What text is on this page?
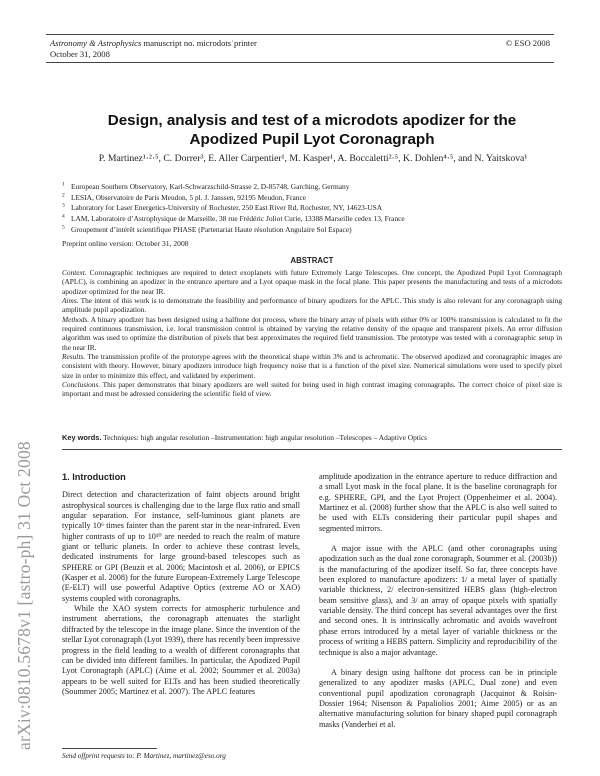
arXiv:0810.5678v1 [astro-ph] 31 Oct 2008
Astronomy & Astrophysics manuscript no. microdots˙printer
October 31, 2008
© ESO 2008
Design, analysis and test of a microdots apodizer for the
Apodized Pupil Lyot Coronagraph
P. Martinez¹·²·⁵, C. Dorrer³, E. Aller Carpentier¹, M. Kasper¹, A. Boccaletti²·⁵, K. Dohlen⁴·⁵, and N. Yaitskova¹
$^1$ European Southern Observatory, Karl-Schwarzschild-Strasse 2, D-85748, Garching, Germany
$^2$ LESIA, Observatoire de Paris Meudon, 5 pl. J. Janssen, 92195 Meudon, France
$^3$ Laboratory for Laser Energetics-University of Rochester, 250 East River Rd, Rochester, NY, 14623-USA
$^4$ LAM, Laboratoire d’Astrophysique de Marseille, 38 rue Frédéric Joliot Curie, 13388 Marseille cedex 13, France
$^5$ Groupement d’intérêt scientifique PHASE (Partenariat Haute résolution Angulaire Sol Espace)
Preprint online version: October 31, 2008
ABSTRACT

Context. Coronagraphic techniques are required to detect exoplanets with future Extremely Large Telescopes. One concept, the Apodized Pupil Lyot Coronagraph (APLC), is combining an apodizer in the entrance aperture and a Lyot opaque mask in the focal plane. This paper presents the manufacturing and tests of a microdots apodizer optimized for the near IR.

Aims. The intent of this work is to demonstrate the feasibility and performance of binary apodizers for the APLC. This study is also relevant for any coronagraph using amplitude pupil apodization.

Methods. A binary apodizer has been designed using a halftone dot process, where the binary array of pixels with either 0% or 100% transmission is calculated to fit the required continuous transmission, i.e. local transmission control is obtained by varying the relative density of the opaque and transparent pixels. An error diffusion algorithm was used to optimize the distribution of pixels that best approximates the required field transmission. The prototype was tested with a coronagraphic setup in the near IR.

Results. The transmission profile of the prototype agrees with the theoretical shape within 3% and is achromatic. The observed apodized and coronagraphic images are consistent with theory. However, binary apodizers introduce high frequency noise that is a function of the pixel size. Numerical simulations were used to specify pixel size in order to minimize this effect, and validated by experiment.

Conclusions. This paper demonstrates that binary apodizers are well suited for being used in high contrast imaging coronagraphs. The correct choice of pixel size is important and must be adressed considering the scientific field of view.

Key words. Techniques: high angular resolution –Instrumentation: high angular resolution –Telescopes – Adaptive Optics
1. Introduction

Direct detection and characterization of faint objects around bright astrophysical sources is challenging due to the large flux ratio and small angular separation. For instance, self-luminous giant planets are typically 10⁶ times fainter than the parent star in the near-infrared. Even higher contrasts of up to 10¹⁰ are needed to reach the realm of mature giant or telluric planets. In order to achieve these contrast levels, dedicated instruments for large ground-based telescopes such as SPHERE or GPI (Beuzit et al. 2006; Macintosh et al. 2006), or EPICS (Kasper et al. 2008) for the future European-Extremely Large Telescope (E-ELT) will use powerful Adaptive Optics (extreme AO or XAO) systems coupled with coronagraphs.

While the XAO system corrects for atmospheric turbulence and instrument aberrations, the coronagraph attenuates the starlight diffracted by the telescope in the image plane. Since the invention of the stellar Lyot coronagraph (Lyot 1939), there has recently been impressive progress in the field leading to a wealth of different coronagraphs that can be divided into different families. In particular, the Apodized Pupil Lyot Coronagraph (APLC) (Aime et al. 2002; Soummer et al. 2003a) appears to be well suited for ELTs and has been studied theoretically (Soummer 2005; Martinez et al. 2007). The APLC features

Send offprint requests to: P. Martinez, martinez@eso.org

amplitude apodization in the entrance aperture to reduce diffraction and a small Lyot mask in the focal plane. It is the baseline coronagraph for e.g. SPHERE, GPI, and the Lyot Project (Oppenheimer et al. 2004). Martinez et al. (2008) further show that the APLC is also well suited to be used with ELTs considering their particular pupil shapes and segmented mirrors.

A major issue with the APLC (and other coronagraphs using apodization such as the dual zone coronagraph, Soummer et al. (2003b)) is the manufacturing of the apodizer itself. So far, three concepts have been explored to manufacture apodizers: 1/ a metal layer of spatially variable thickness, 2/ electron-sensitized HEBS glass (high-electron beam sensitive glass), and 3/ an array of opaque pixels with spatially variable density. The third concept has several advantages over the first and second ones. It is intrinsically achromatic and avoids wavefront phase errors introduced by a metal layer of variable thickness or the process of writing a HEBS pattern. Simplicity and reproducibility of the technique is also a major advantage.

A binary design using halftone dot process can be in principle generalized to any apodizer masks (APLC, Dual zone) and even conventional pupil apodization coronagraph (Jacquinot & Roisin-Dossier 1964; Nisenson & Papaliolios 2001; Aime 2005) or as an alternative manufacturing solution for binary shaped pupil coronagraph masks (Vanderbei et al.
